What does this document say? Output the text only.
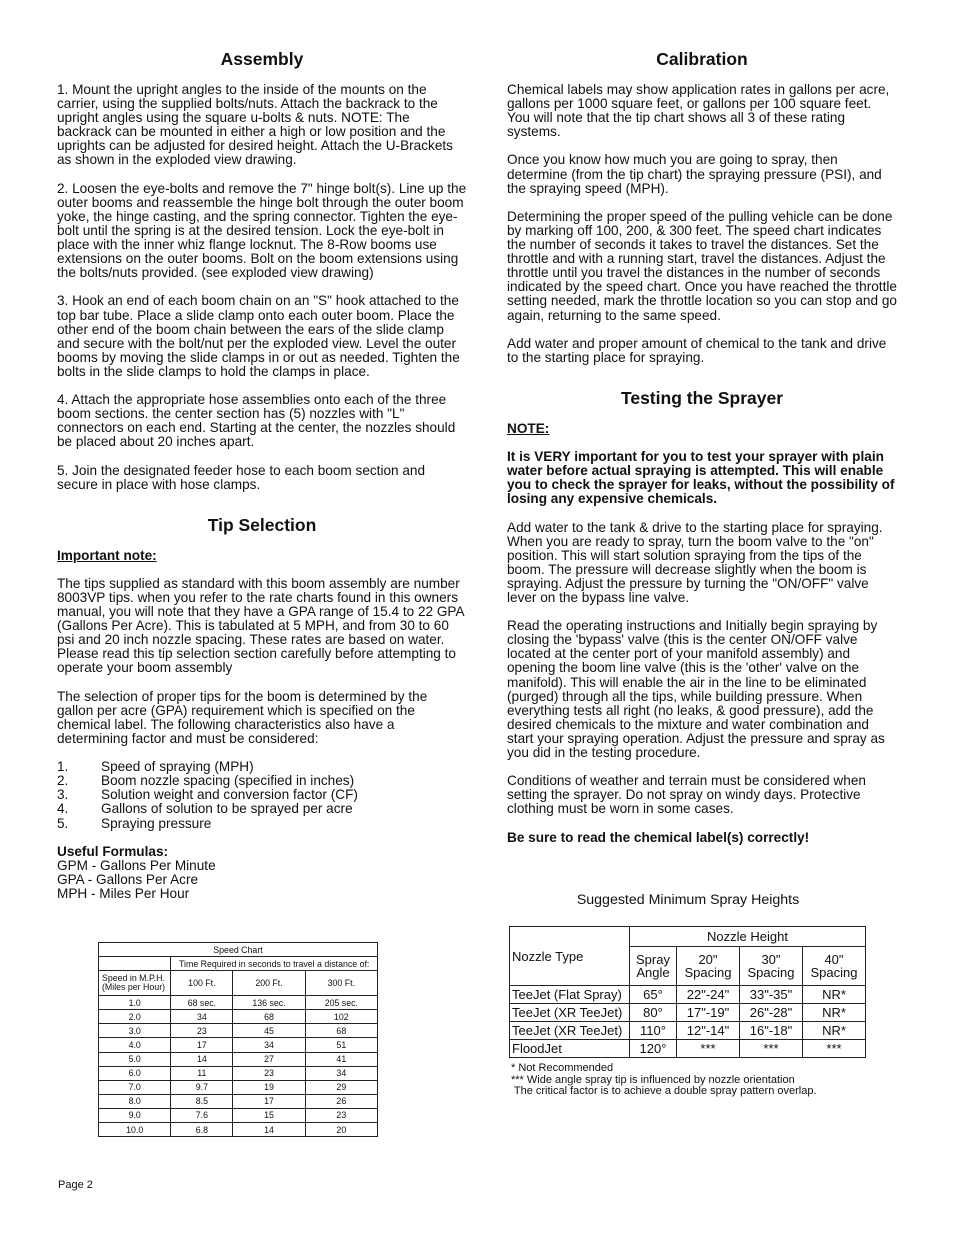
Assembly

1. Mount the upright angles to the inside of the mounts on the carrier, using the supplied bolts/nuts. Attach the backrack to the upright angles using the square u-bolts & nuts. NOTE: The backrack can be mounted in either a high or low position and the uprights can be adjusted for desired height. Attach the U-Brackets as shown in the exploded view drawing.

2. Loosen the eye-bolts and remove the 7" hinge bolt(s). Line up the outer booms and reassemble the hinge bolt through the outer boom yoke, the hinge casting, and the spring connector. Tighten the eye-bolt until the spring is at the desired tension. Lock the eye-bolt in place with the inner whiz flange locknut. The 8-Row booms use extensions on the outer booms. Bolt on the boom extensions using the bolts/nuts provided. (see exploded view drawing)

3. Hook an end of each boom chain on an "S" hook attached to the top bar tube. Place a slide clamp onto each outer boom. Place the other end of the boom chain between the ears of the slide clamp and secure with the bolt/nut per the exploded view. Level the outer booms by moving the slide clamps in or out as needed. Tighten the bolts in the slide clamps to hold the clamps in place.

4. Attach the appropriate hose assemblies onto each of the three boom sections. the center section has (5) nozzles with "L" connectors on each end. Starting at the center, the nozzles should be placed about 20 inches apart.

5. Join the designated feeder hose to each boom section and secure in place with hose clamps.

Tip Selection

Important note:

The tips supplied as standard with this boom assembly are number 8003VP tips. when you refer to the rate charts found in this owners manual, you will note that they have a GPA range of 15.4 to 22 GPA (Gallons Per Acre). This is tabulated at 5 MPH, and from 30 to 60 psi and 20 inch nozzle spacing. These rates are based on water. Please read this tip selection section carefully before attempting to operate your boom assembly

The selection of proper tips for the boom is determined by the gallon per acre (GPA) requirement which is specified on the chemical label. The following characteristics also have a determining factor and must be considered:

1.	Speed of spraying (MPH)
2.	Boom nozzle spacing (specified in inches)
3.	Solution weight and conversion factor (CF)
4.	Gallons of solution to be sprayed per acre
5.	Spraying pressure
Useful Formulas:
GPM - Gallons Per Minute
GPA - Gallons Per Acre
MPH - Miles Per Hour
Calibration

Chemical labels may show application rates in gallons per acre, gallons per 1000 square feet, or gallons per 100 square feet. You will note that the tip chart shows all 3 of these rating systems.

Once you know how much you are going to spray, then determine (from the tip chart) the spraying pressure (PSI), and the spraying speed (MPH).

Determining the proper speed of the pulling vehicle can be done by marking off 100, 200, & 300 feet. The speed chart indicates the number of seconds it takes to travel the distances. Set the throttle and with a running start, travel the distances. Adjust the throttle until you travel the distances in the number of seconds indicated by the speed chart. Once you have reached the throttle setting needed, mark the throttle location so you can stop and go again, returning to the same speed.

Add water and proper amount of chemical to the tank and drive to the starting place for spraying.

Testing the Sprayer

NOTE:

It is VERY important for you to test your sprayer with plain water before actual spraying is attempted. This will enable you to check the sprayer for leaks, without the possibility of losing any expensive chemicals.

Add water to the tank & drive to the starting place for spraying. When you are ready to spray, turn the boom valve to the "on" position. This will start solution spraying from the tips of the boom. The pressure will decrease slightly when the boom is spraying. Adjust the pressure by turning the "ON/OFF" valve lever on the bypass line valve.

Read the operating instructions and Initially begin spraying by closing the 'bypass' valve (this is the center ON/OFF valve located at the center port of your manifold assembly) and opening the boom line valve (this is the 'other' valve on the manifold). This will enable the air in the line to be eliminated (purged) through all the tips, while building pressure. When everything tests all right (no leaks, & good pressure), add the desired chemicals to the mixture and water combination and start your spraying operation. Adjust the pressure and spray as you did in the testing procedure.

Conditions of weather and terrain must be considered when setting the sprayer. Do not spray on windy days. Protective clothing must be worn in some cases.

Be sure to read the chemical label(s) correctly!

Speed Chart			
	Time Required in seconds to travel a distance of:		
Speed in M.P.H.
(Miles per Hour)	100 Ft.	200 Ft.	300 Ft.
1.0	68 sec.	136 sec.	205 sec.
2.0	34	68	102
3.0	23	45	68
4.0	17	34	51
5.0	14	27	41
6.0	11	23	34
7.0	9.7	19	29
8.0	8.5	17	26
9.0	7.6	15	23
10.0	6.8	14	20
Suggested Minimum Spray Heights
Nozzle Type	Nozzle Height			
	Spray Angle	20" Spacing	30" Spacing	40" Spacing
TeeJet (Flat Spray)	65°	22"-24"	33"-35"	NR*
TeeJet (XR TeeJet)	80°	17"-19"	26"-28"	NR*
TeeJet (XR TeeJet)	110°	12"-14"	16"-18"	NR*
FloodJet	120°	***	***	***
* Not Recommended
*** Wide angle spray tip is influenced by nozzle orientation
The critical factor is to achieve a double spray pattern overlap.
Page 2
